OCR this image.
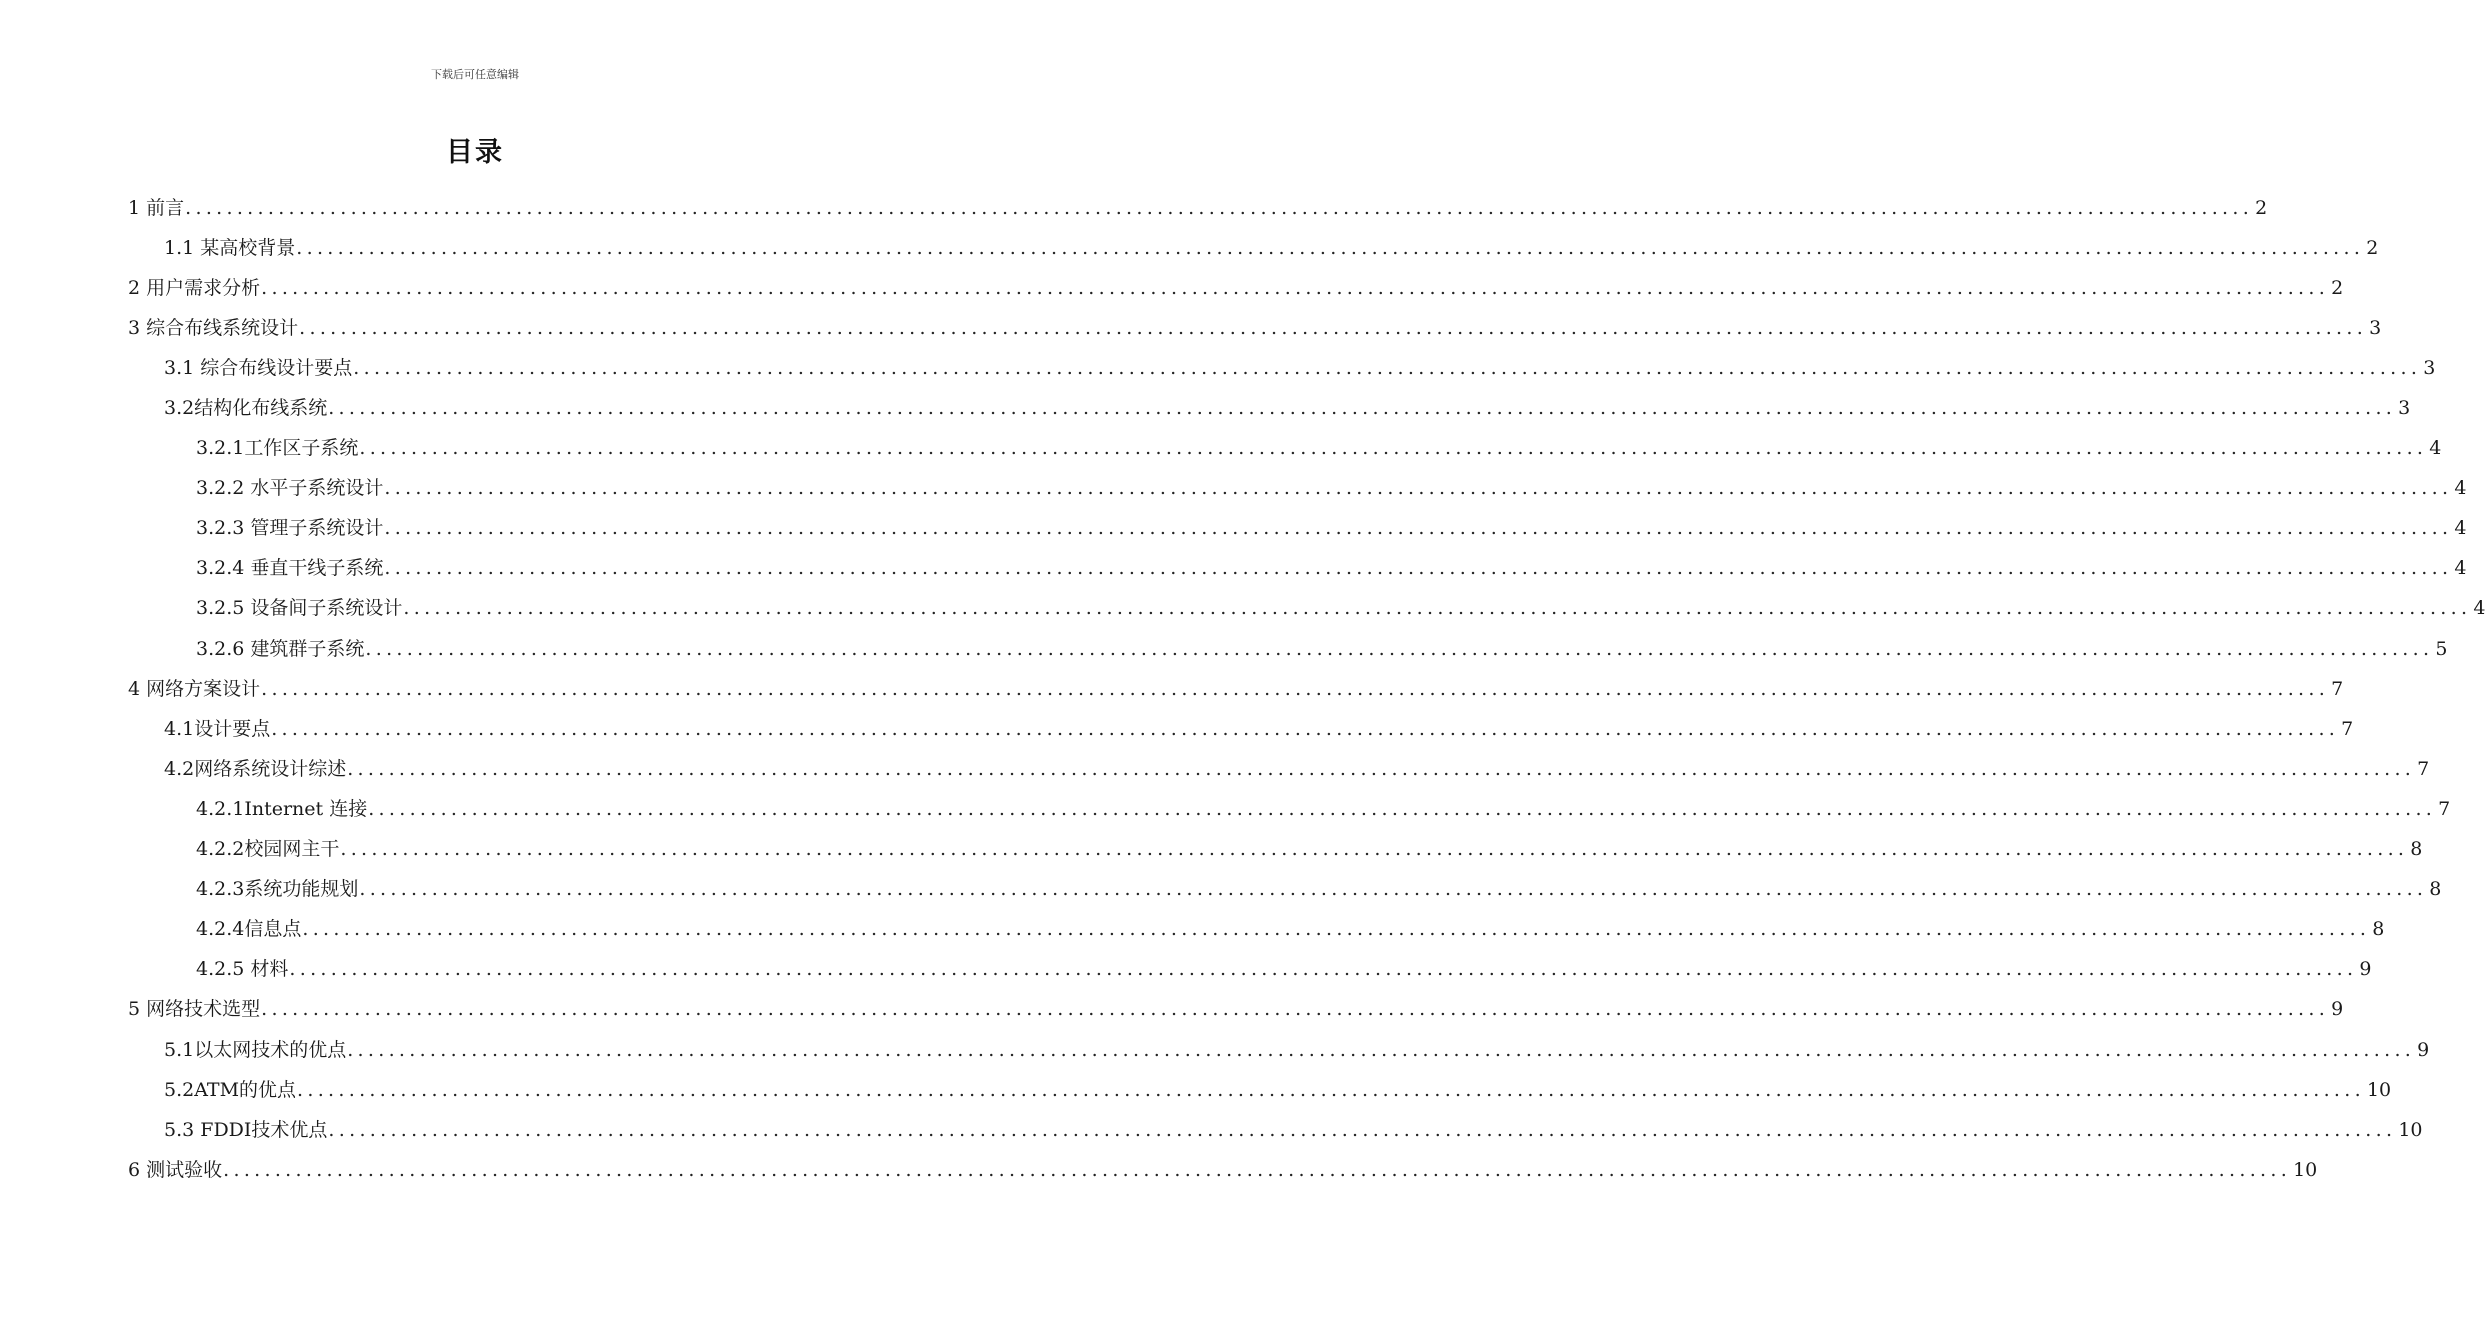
下载后可任意编辑
目录
1 前言 ........................................................................................................................................................................................................ 2
1.1 某高校背景 ........................................................................................................................................................................................................ 2
2 用户需求分析 ........................................................................................................................................................................................................ 2
3 综合布线系统设计 ........................................................................................................................................................................................................ 3
3.1 综合布线设计要点 ........................................................................................................................................................................................................ 3
3.2结构化布线系统 ........................................................................................................................................................................................................ 3
3.2.1工作区子系统 ........................................................................................................................................................................................................ 4
3.2.2 水平子系统设计 ........................................................................................................................................................................................................ 4
3.2.3 管理子系统设计 ........................................................................................................................................................................................................ 4
3.2.4 垂直干线子系统 ........................................................................................................................................................................................................ 4
3.2.5 设备间子系统设计 ........................................................................................................................................................................................................ 4
3.2.6 建筑群子系统 ........................................................................................................................................................................................................ 5
4 网络方案设计 ........................................................................................................................................................................................................ 7
4.1设计要点 ........................................................................................................................................................................................................ 7
4.2网络系统设计综述 ........................................................................................................................................................................................................ 7
4.2.1Internet 连接 ........................................................................................................................................................................................................ 7
4.2.2校园网主干 ........................................................................................................................................................................................................ 8
4.2.3系统功能规划 ........................................................................................................................................................................................................ 8
4.2.4信息点 ........................................................................................................................................................................................................ 8
4.2.5 材料 ........................................................................................................................................................................................................ 9
5 网络技术选型 ........................................................................................................................................................................................................ 9
5.1以太网技术的优点 ........................................................................................................................................................................................................ 9
5.2ATM的优点 ........................................................................................................................................................................................................ 10
5.3 FDDI技术优点 ........................................................................................................................................................................................................ 10
6 测试验收 ........................................................................................................................................................................................................ 10
